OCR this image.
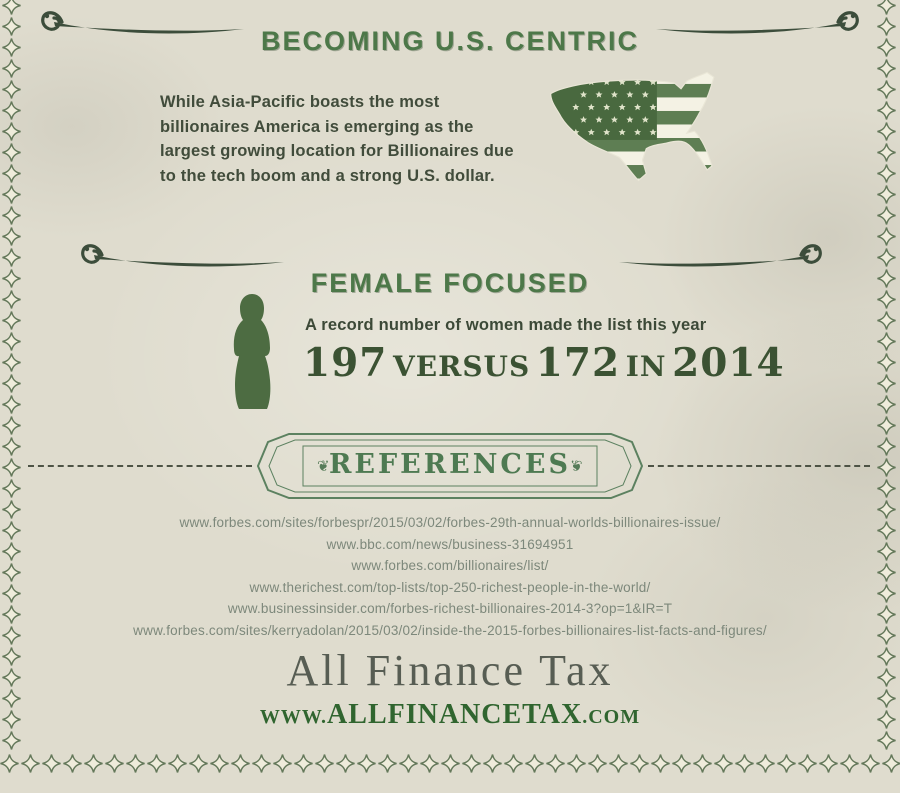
BECOMING U.S. CENTRIC
While Asia-Pacific boasts the most
billionaires America is emerging as the
largest growing location for Billionaires due
to the tech boom and a strong U.S. dollar.
FEMALE FOCUSED
A record number of women made the list this year
197 VERSUS 172 IN 2014
❦	❦
REFERENCES
www.forbes.com/sites/forbespr/2015/03/02/forbes-29th-annual-worlds-billionaires-issue/
www.bbc.com/news/business-31694951
www.forbes.com/billionaires/list/
www.therichest.com/top-lists/top-250-richest-people-in-the-world/
www.businessinsider.com/forbes-richest-billionaires-2014-3?op=1&IR=T
www.forbes.com/sites/kerryadolan/2015/03/02/inside-the-2015-forbes-billionaires-list-facts-and-figures/
All Finance Tax
WWW.ALLFINANCETAX.COM
